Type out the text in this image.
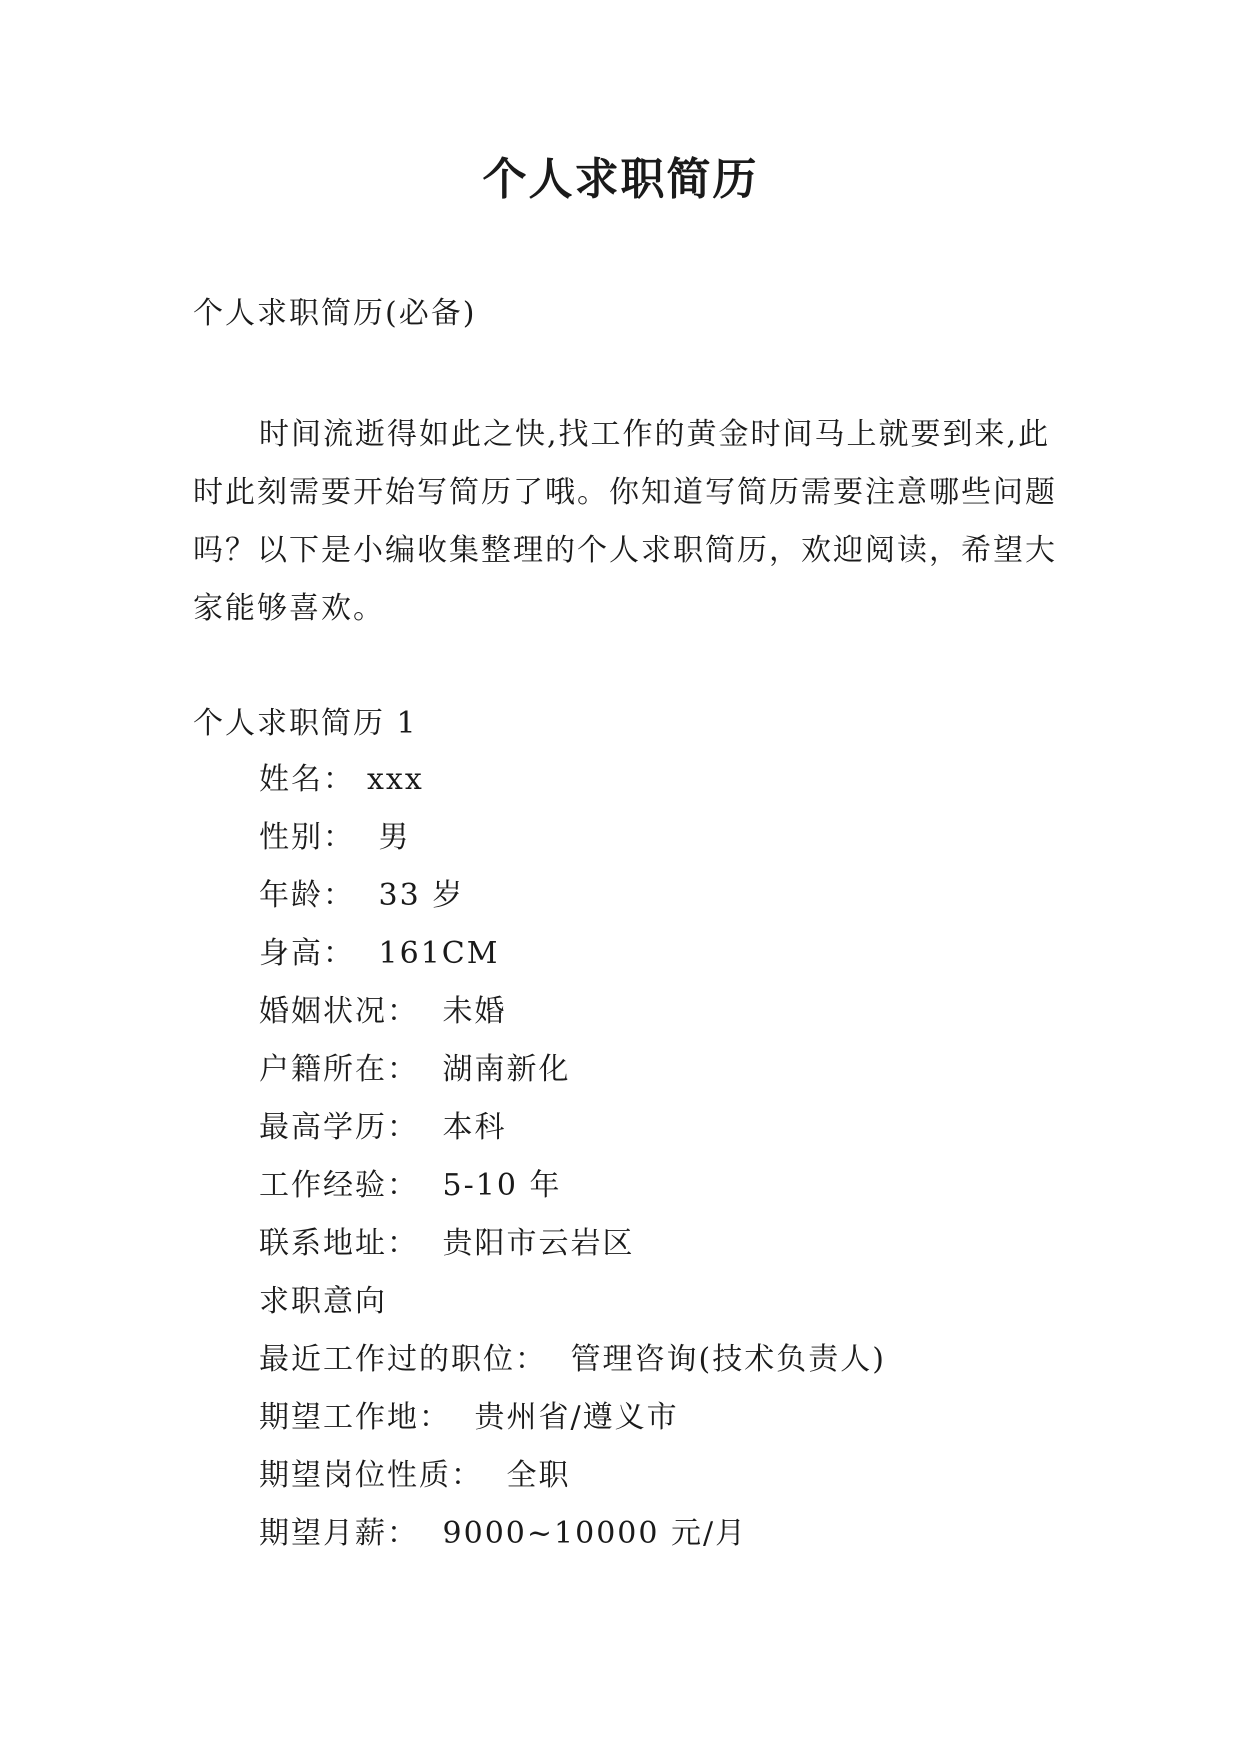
个人求职简历
个人求职简历(必备)

时间流逝得如此之快,找工作的黄金时间马上就要到来,此时此刻需要开始写简历了哦。你知道写简历需要注意哪些问题吗？以下是小编收集整理的个人求职简历，欢迎阅读，希望大家能够喜欢。

个人求职简历 1
姓名： xxx
性别： 男
年龄： 33 岁
身高： 161CM
婚姻状况： 未婚
户籍所在： 湖南新化
最高学历： 本科
工作经验： 5-10 年
联系地址： 贵阳市云岩区
求职意向
最近工作过的职位： 管理咨询(技术负责人)
期望工作地： 贵州省/遵义市
期望岗位性质： 全职
期望月薪： 9000~10000 元/月
